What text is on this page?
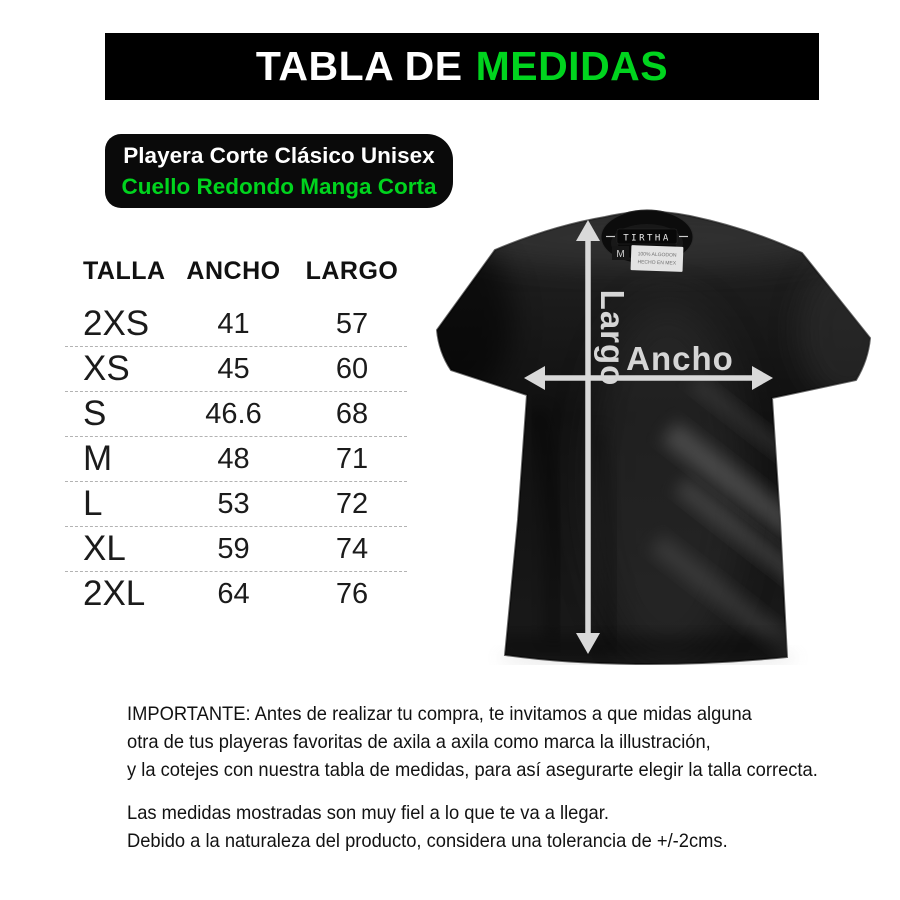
TABLA DE MEDIDAS
Playera Corte Clásico Unisex
Cuello Redondo Manga Corta
TALLA ANCHO	LARGO
2XS	41	57
XS	45	60
S	46.6	68
M	48	71
L	53	72
XL	59	74
2XL	64	76
TIRTHA
M	100% ALGODON
HECHO EN MEX
Largo
Ancho
IMPORTANTE: Antes de realizar tu compra, te invitamos a que midas alguna
otra de tus playeras favoritas de axila a axila como marca la illustración,
y la cotejes con nuestra tabla de medidas, para así asegurarte elegir la talla correcta.
Las medidas mostradas son muy fiel a lo que te va a llegar.
Debido a la naturaleza del producto, considera una tolerancia de +/-2cms.
